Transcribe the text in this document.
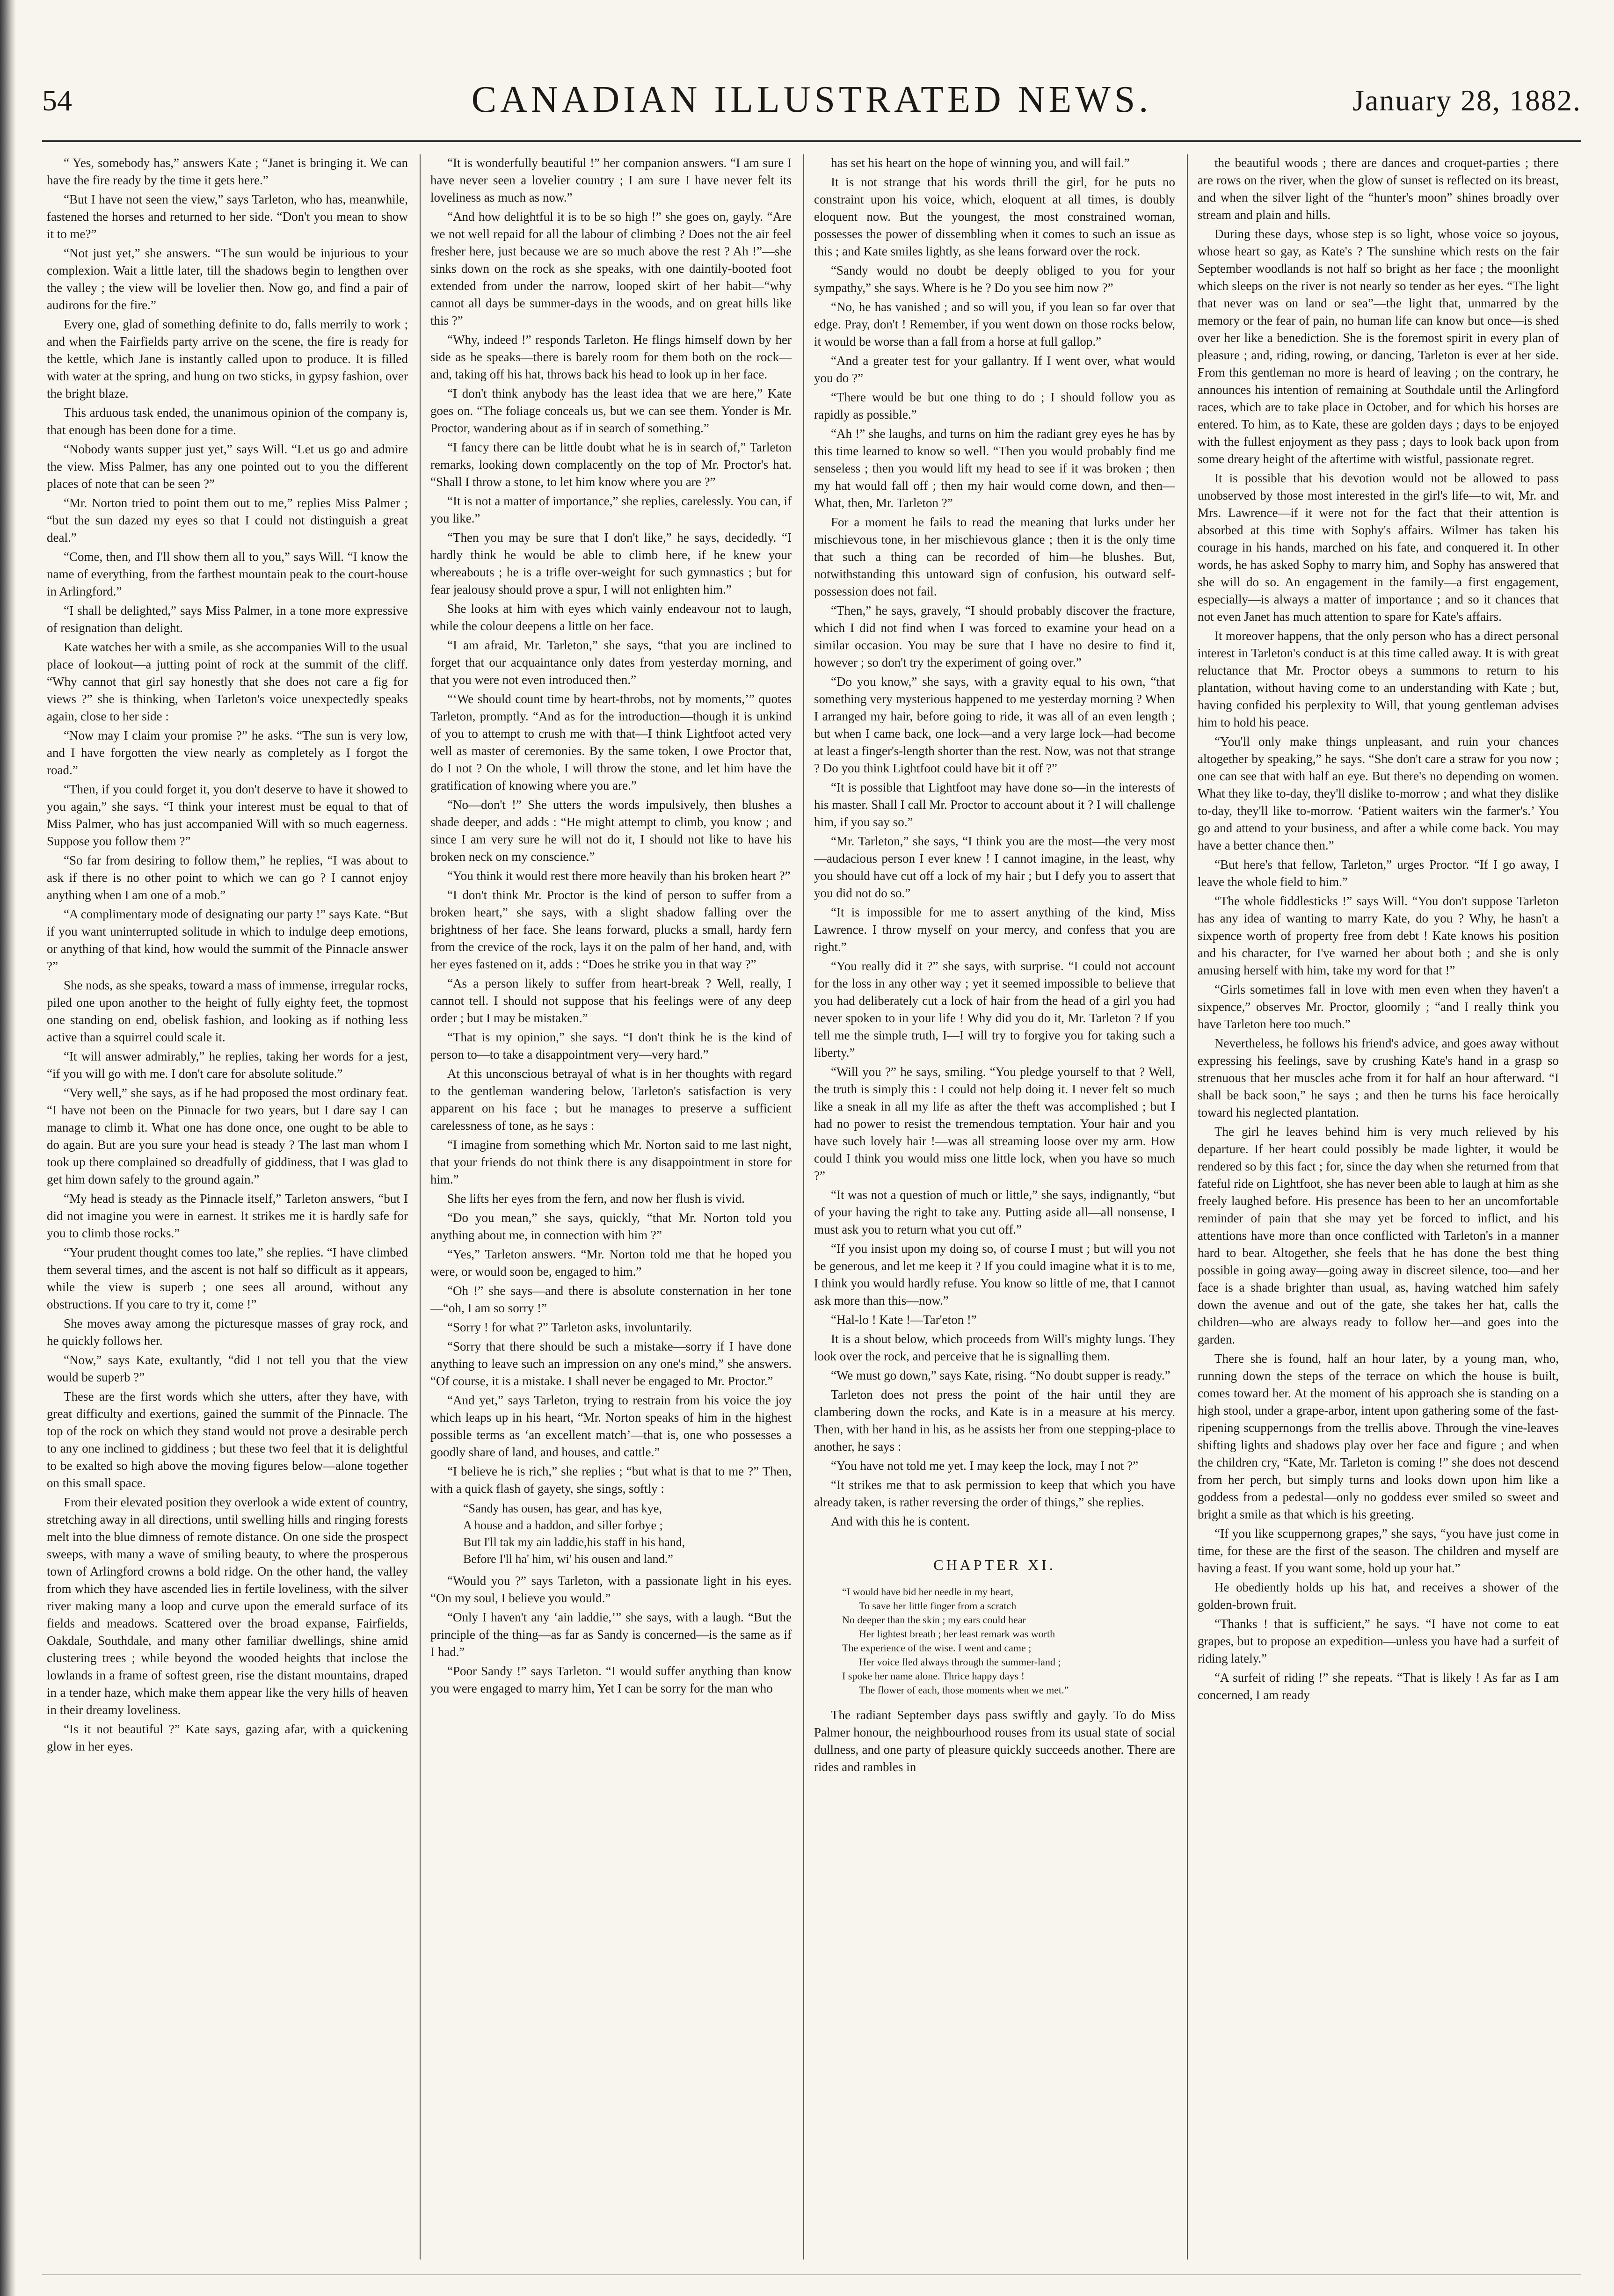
54	CANADIAN ILLUSTRATED NEWS.	January 28, 1882.

“ Yes, somebody has,” answers Kate ; “Janet is bringing it. We can have the fire ready by the time it gets here.”

“But I have not seen the view,” says Tarleton, who has, meanwhile, fastened the horses and returned to her side. “Don't you mean to show it to me?”

“Not just yet,” she answers. “The sun would be injurious to your complexion. Wait a little later, till the shadows begin to lengthen over the valley ; the view will be lovelier then. Now go, and find a pair of audirons for the fire.”

Every one, glad of something definite to do, falls merrily to work ; and when the Fairfields party arrive on the scene, the fire is ready for the kettle, which Jane is instantly called upon to produce. It is filled with water at the spring, and hung on two sticks, in gypsy fashion, over the bright blaze.

This arduous task ended, the unanimous opinion of the company is, that enough has been done for a time.

“Nobody wants supper just yet,” says Will. “Let us go and admire the view. Miss Palmer, has any one pointed out to you the different places of note that can be seen ?”

“Mr. Norton tried to point them out to me,” replies Miss Palmer ; “but the sun dazed my eyes so that I could not distinguish a great deal.”

“Come, then, and I'll show them all to you,” says Will. “I know the name of everything, from the farthest mountain peak to the court-house in Arlingford.”

“I shall be delighted,” says Miss Palmer, in a tone more expressive of resignation than delight.

Kate watches her with a smile, as she accompanies Will to the usual place of lookout—a jutting point of rock at the summit of the cliff. “Why cannot that girl say honestly that she does not care a fig for views ?” she is thinking, when Tarleton's voice unexpectedly speaks again, close to her side :

“Now may I claim your promise ?” he asks. “The sun is very low, and I have forgotten the view nearly as completely as I forgot the road.”

“Then, if you could forget it, you don't deserve to have it showed to you again,” she says. “I think your interest must be equal to that of Miss Palmer, who has just accompanied Will with so much eagerness. Suppose you follow them ?”

“So far from desiring to follow them,” he replies, “I was about to ask if there is no other point to which we can go ? I cannot enjoy anything when I am one of a mob.”

“A complimentary mode of designating our party !” says Kate. “But if you want uninterrupted solitude in which to indulge deep emotions, or anything of that kind, how would the summit of the Pinnacle answer ?”

She nods, as she speaks, toward a mass of immense, irregular rocks, piled one upon another to the height of fully eighty feet, the topmost one standing on end, obelisk fashion, and looking as if nothing less active than a squirrel could scale it.

“It will answer admirably,” he replies, taking her words for a jest, “if you will go with me. I don't care for absolute solitude.”

“Very well,” she says, as if he had proposed the most ordinary feat. “I have not been on the Pinnacle for two years, but I dare say I can manage to climb it. What one has done once, one ought to be able to do again. But are you sure your head is steady ? The last man whom I took up there complained so dreadfully of giddiness, that I was glad to get him down safely to the ground again.”

“My head is steady as the Pinnacle itself,” Tarleton answers, “but I did not imagine you were in earnest. It strikes me it is hardly safe for you to climb those rocks.”

“Your prudent thought comes too late,” she replies. “I have climbed them several times, and the ascent is not half so difficult as it appears, while the view is superb ; one sees all around, without any obstructions. If you care to try it, come !”

She moves away among the picturesque masses of gray rock, and he quickly follows her.

“Now,” says Kate, exultantly, “did I not tell you that the view would be superb ?”

These are the first words which she utters, after they have, with great difficulty and exertions, gained the summit of the Pinnacle. The top of the rock on which they stand would not prove a desirable perch to any one inclined to giddiness ; but these two feel that it is delightful to be exalted so high above the moving figures below—alone together on this small space.

From their elevated position they overlook a wide extent of country, stretching away in all directions, until swelling hills and ringing forests melt into the blue dimness of remote distance. On one side the prospect sweeps, with many a wave of smiling beauty, to where the prosperous town of Arlingford crowns a bold ridge. On the other hand, the valley from which they have ascended lies in fertile loveliness, with the silver river making many a loop and curve upon the emerald surface of its fields and meadows. Scattered over the broad expanse, Fairfields, Oakdale, Southdale, and many other familiar dwellings, shine amid clustering trees ; while beyond the wooded heights that inclose the lowlands in a frame of softest green, rise the distant mountains, draped in a tender haze, which make them appear like the very hills of heaven in their dreamy loveliness.

“Is it not beautiful ?” Kate says, gazing afar, with a quickening glow in her eyes.

“It is wonderfully beautiful !” her companion answers. “I am sure I have never seen a lovelier country ; I am sure I have never felt its loveliness as much as now.”

“And how delightful it is to be so high !” she goes on, gayly. “Are we not well repaid for all the labour of climbing ? Does not the air feel fresher here, just because we are so much above the rest ? Ah !”—she sinks down on the rock as she speaks, with one daintily-booted foot extended from under the narrow, looped skirt of her habit—“why cannot all days be summer-days in the woods, and on great hills like this ?”

“Why, indeed !” responds Tarleton. He flings himself down by her side as he speaks—there is barely room for them both on the rock—and, taking off his hat, throws back his head to look up in her face.

“I don't think anybody has the least idea that we are here,” Kate goes on. “The foliage conceals us, but we can see them. Yonder is Mr. Proctor, wandering about as if in search of something.”

“I fancy there can be little doubt what he is in search of,” Tarleton remarks, looking down complacently on the top of Mr. Proctor's hat. “Shall I throw a stone, to let him know where you are ?”

“It is not a matter of importance,” she replies, carelessly. You can, if you like.”

“Then you may be sure that I don't like,” he says, decidedly. “I hardly think he would be able to climb here, if he knew your whereabouts ; he is a trifle over-weight for such gymnastics ; but for fear jealousy should prove a spur, I will not enlighten him.”

She looks at him with eyes which vainly endeavour not to laugh, while the colour deepens a little on her face.

“I am afraid, Mr. Tarleton,” she says, “that you are inclined to forget that our acquaintance only dates from yesterday morning, and that you were not even introduced then.”

“‘We should count time by heart-throbs, not by moments,’” quotes Tarleton, promptly. “And as for the introduction—though it is unkind of you to attempt to crush me with that—I think Lightfoot acted very well as master of ceremonies. By the same token, I owe Proctor that, do I not ? On the whole, I will throw the stone, and let him have the gratification of knowing where you are.”

“No—don't !” She utters the words impulsively, then blushes a shade deeper, and adds : “He might attempt to climb, you know ; and since I am very sure he will not do it, I should not like to have his broken neck on my conscience.”

“You think it would rest there more heavily than his broken heart ?”

“I don't think Mr. Proctor is the kind of person to suffer from a broken heart,” she says, with a slight shadow falling over the brightness of her face. She leans forward, plucks a small, hardy fern from the crevice of the rock, lays it on the palm of her hand, and, with her eyes fastened on it, adds : “Does he strike you in that way ?”

“As a person likely to suffer from heart-break ? Well, really, I cannot tell. I should not suppose that his feelings were of any deep order ; but I may be mistaken.”

“That is my opinion,” she says. “I don't think he is the kind of person to—to take a disappointment very—very hard.”

At this unconscious betrayal of what is in her thoughts with regard to the gentleman wandering below, Tarleton's satisfaction is very apparent on his face ; but he manages to preserve a sufficient carelessness of tone, as he says :

“I imagine from something which Mr. Norton said to me last night, that your friends do not think there is any disappointment in store for him.”

She lifts her eyes from the fern, and now her flush is vivid.

“Do you mean,” she says, quickly, “that Mr. Norton told you anything about me, in connection with him ?”

“Yes,” Tarleton answers. “Mr. Norton told me that he hoped you were, or would soon be, engaged to him.”

“Oh !” she says—and there is absolute consternation in her tone—“oh, I am so sorry !”

“Sorry ! for what ?” Tarleton asks, involuntarily.

“Sorry that there should be such a mistake—sorry if I have done anything to leave such an impression on any one's mind,” she answers. “Of course, it is a mistake. I shall never be engaged to Mr. Proctor.”

“And yet,” says Tarleton, trying to restrain from his voice the joy which leaps up in his heart, “Mr. Norton speaks of him in the highest possible terms as ‘an excellent match’—that is, one who possesses a goodly share of land, and houses, and cattle.”

“I believe he is rich,” she replies ; “but what is that to me ?” Then, with a quick flash of gayety, she sings, softly :

“Sandy has ousen, has gear, and has kye,
A house and a haddon, and siller forbye ;
But I'll tak my ain laddie,his staff in his hand,
Before I'll ha' him, wi' his ousen and land.”

“Would you ?” says Tarleton, with a passionate light in his eyes. “On my soul, I believe you would.”

“Only I haven't any ‘ain laddie,’” she says, with a laugh. “But the principle of the thing—as far as Sandy is concerned—is the same as if I had.”

“Poor Sandy !” says Tarleton. “I would suffer anything than know you were engaged to marry him, Yet I can be sorry for the man who

has set his heart on the hope of winning you, and will fail.”

It is not strange that his words thrill the girl, for he puts no constraint upon his voice, which, eloquent at all times, is doubly eloquent now. But the youngest, the most constrained woman, possesses the power of dissembling when it comes to such an issue as this ; and Kate smiles lightly, as she leans forward over the rock.

“Sandy would no doubt be deeply obliged to you for your sympathy,” she says. Where is he ? Do you see him now ?”

“No, he has vanished ; and so will you, if you lean so far over that edge. Pray, don't ! Remember, if you went down on those rocks below, it would be worse than a fall from a horse at full gallop.”

“And a greater test for your gallantry. If I went over, what would you do ?”

“There would be but one thing to do ; I should follow you as rapidly as possible.”

“Ah !” she laughs, and turns on him the radiant grey eyes he has by this time learned to know so well. “Then you would probably find me senseless ; then you would lift my head to see if it was broken ; then my hat would fall off ; then my hair would come down, and then—What, then, Mr. Tarleton ?”

For a moment he fails to read the meaning that lurks under her mischievous tone, in her mischievous glance ; then it is the only time that such a thing can be recorded of him—he blushes. But, notwithstanding this untoward sign of confusion, his outward self-possession does not fail.

“Then,” he says, gravely, “I should probably discover the fracture, which I did not find when I was forced to examine your head on a similar occasion. You may be sure that I have no desire to find it, however ; so don't try the experiment of going over.”

“Do you know,” she says, with a gravity equal to his own, “that something very mysterious happened to me yesterday morning ? When I arranged my hair, before going to ride, it was all of an even length ; but when I came back, one lock—and a very large lock—had become at least a finger's-length shorter than the rest. Now, was not that strange ? Do you think Lightfoot could have bit it off ?”

“It is possible that Lightfoot may have done so—in the interests of his master. Shall I call Mr. Proctor to account about it ? I will challenge him, if you say so.”

“Mr. Tarleton,” she says, “I think you are the most—the very most—audacious person I ever knew ! I cannot imagine, in the least, why you should have cut off a lock of my hair ; but I defy you to assert that you did not do so.”

“It is impossible for me to assert anything of the kind, Miss Lawrence. I throw myself on your mercy, and confess that you are right.”

“You really did it ?” she says, with surprise. “I could not account for the loss in any other way ; yet it seemed impossible to believe that you had deliberately cut a lock of hair from the head of a girl you had never spoken to in your life ! Why did you do it, Mr. Tarleton ? If you tell me the simple truth, I—I will try to forgive you for taking such a liberty.”

“Will you ?” he says, smiling. “You pledge yourself to that ? Well, the truth is simply this : I could not help doing it. I never felt so much like a sneak in all my life as after the theft was accomplished ; but I had no power to resist the tremendous temptation. Your hair and you have such lovely hair !—was all streaming loose over my arm. How could I think you would miss one little lock, when you have so much ?”

“It was not a question of much or little,” she says, indignantly, “but of your having the right to take any. Putting aside all—all nonsense, I must ask you to return what you cut off.”

“If you insist upon my doing so, of course I must ; but will you not be generous, and let me keep it ? If you could imagine what it is to me, I think you would hardly refuse. You know so little of me, that I cannot ask more than this—now.”

“Hal-lo ! Kate !—Tar'eton !”

It is a shout below, which proceeds from Will's mighty lungs. They look over the rock, and perceive that he is signalling them.

“We must go down,” says Kate, rising. “No doubt supper is ready.”

Tarleton does not press the point of the hair until they are clambering down the rocks, and Kate is in a measure at his mercy. Then, with her hand in his, as he assists her from one stepping-place to another, he says :

“You have not told me yet. I may keep the lock, may I not ?”

“It strikes me that to ask permission to keep that which you have already taken, is rather reversing the order of things,” she replies.

And with this he is content.

CHAPTER XI.
“I would have bid her needle in my heart,
To save her little finger from a scratch
No deeper than the skin ; my ears could hear
Her lightest breath ; her least remark was worth
The experience of the wise. I went and came ;
Her voice fled always through the summer-land ;
I spoke her name alone. Thrice happy days !
The flower of each, those moments when we met.”

The radiant September days pass swiftly and gayly. To do Miss Palmer honour, the neighbourhood rouses from its usual state of social dullness, and one party of pleasure quickly succeeds another. There are rides and rambles in

the beautiful woods ; there are dances and croquet-parties ; there are rows on the river, when the glow of sunset is reflected on its breast, and when the silver light of the “hunter's moon” shines broadly over stream and plain and hills.

During these days, whose step is so light, whose voice so joyous, whose heart so gay, as Kate's ? The sunshine which rests on the fair September woodlands is not half so bright as her face ; the moonlight which sleeps on the river is not nearly so tender as her eyes. “The light that never was on land or sea”—the light that, unmarred by the memory or the fear of pain, no human life can know but once—is shed over her like a benediction. She is the foremost spirit in every plan of pleasure ; and, riding, rowing, or dancing, Tarleton is ever at her side. From this gentleman no more is heard of leaving ; on the contrary, he announces his intention of remaining at Southdale until the Arlingford races, which are to take place in October, and for which his horses are entered. To him, as to Kate, these are golden days ; days to be enjoyed with the fullest enjoyment as they pass ; days to look back upon from some dreary height of the aftertime with wistful, passionate regret.

It is possible that his devotion would not be allowed to pass unobserved by those most interested in the girl's life—to wit, Mr. and Mrs. Lawrence—if it were not for the fact that their attention is absorbed at this time with Sophy's affairs. Wilmer has taken his courage in his hands, marched on his fate, and conquered it. In other words, he has asked Sophy to marry him, and Sophy has answered that she will do so. An engagement in the family—a first engagement, especially—is always a matter of importance ; and so it chances that not even Janet has much attention to spare for Kate's affairs.

It moreover happens, that the only person who has a direct personal interest in Tarleton's conduct is at this time called away. It is with great reluctance that Mr. Proctor obeys a summons to return to his plantation, without having come to an understanding with Kate ; but, having confided his perplexity to Will, that young gentleman advises him to hold his peace.

“You'll only make things unpleasant, and ruin your chances altogether by speaking,” he says. “She don't care a straw for you now ; one can see that with half an eye. But there's no depending on women. What they like to-day, they'll dislike to-morrow ; and what they dislike to-day, they'll like to-morrow. ‘Patient waiters win the farmer's.’ You go and attend to your business, and after a while come back. You may have a better chance then.”

“But here's that fellow, Tarleton,” urges Proctor. “If I go away, I leave the whole field to him.”

“The whole fiddlesticks !” says Will. “You don't suppose Tarleton has any idea of wanting to marry Kate, do you ? Why, he hasn't a sixpence worth of property free from debt ! Kate knows his position and his character, for I've warned her about both ; and she is only amusing herself with him, take my word for that !”

“Girls sometimes fall in love with men even when they haven't a sixpence,” observes Mr. Proctor, gloomily ; “and I really think you have Tarleton here too much.”

Nevertheless, he follows his friend's advice, and goes away without expressing his feelings, save by crushing Kate's hand in a grasp so strenuous that her muscles ache from it for half an hour afterward. “I shall be back soon,” he says ; and then he turns his face heroically toward his neglected plantation.

The girl he leaves behind him is very much relieved by his departure. If her heart could possibly be made lighter, it would be rendered so by this fact ; for, since the day when she returned from that fateful ride on Lightfoot, she has never been able to laugh at him as she freely laughed before. His presence has been to her an uncomfortable reminder of pain that she may yet be forced to inflict, and his attentions have more than once conflicted with Tarleton's in a manner hard to bear. Altogether, she feels that he has done the best thing possible in going away—going away in discreet silence, too—and her face is a shade brighter than usual, as, having watched him safely down the avenue and out of the gate, she takes her hat, calls the children—who are always ready to follow her—and goes into the garden.

There she is found, half an hour later, by a young man, who, running down the steps of the terrace on which the house is built, comes toward her. At the moment of his approach she is standing on a high stool, under a grape-arbor, intent upon gathering some of the fast-ripening scuppernongs from the trellis above. Through the vine-leaves shifting lights and shadows play over her face and figure ; and when the children cry, “Kate, Mr. Tarleton is coming !” she does not descend from her perch, but simply turns and looks down upon him like a goddess from a pedestal—only no goddess ever smiled so sweet and bright a smile as that which is his greeting.

“If you like scuppernong grapes,” she says, “you have just come in time, for these are the first of the season. The children and myself are having a feast. If you want some, hold up your hat.”

He obediently holds up his hat, and receives a shower of the golden-brown fruit.

“Thanks ! that is sufficient,” he says. “I have not come to eat grapes, but to propose an expedition—unless you have had a surfeit of riding lately.”

“A surfeit of riding !” she repeats. “That is likely ! As far as I am concerned, I am ready
